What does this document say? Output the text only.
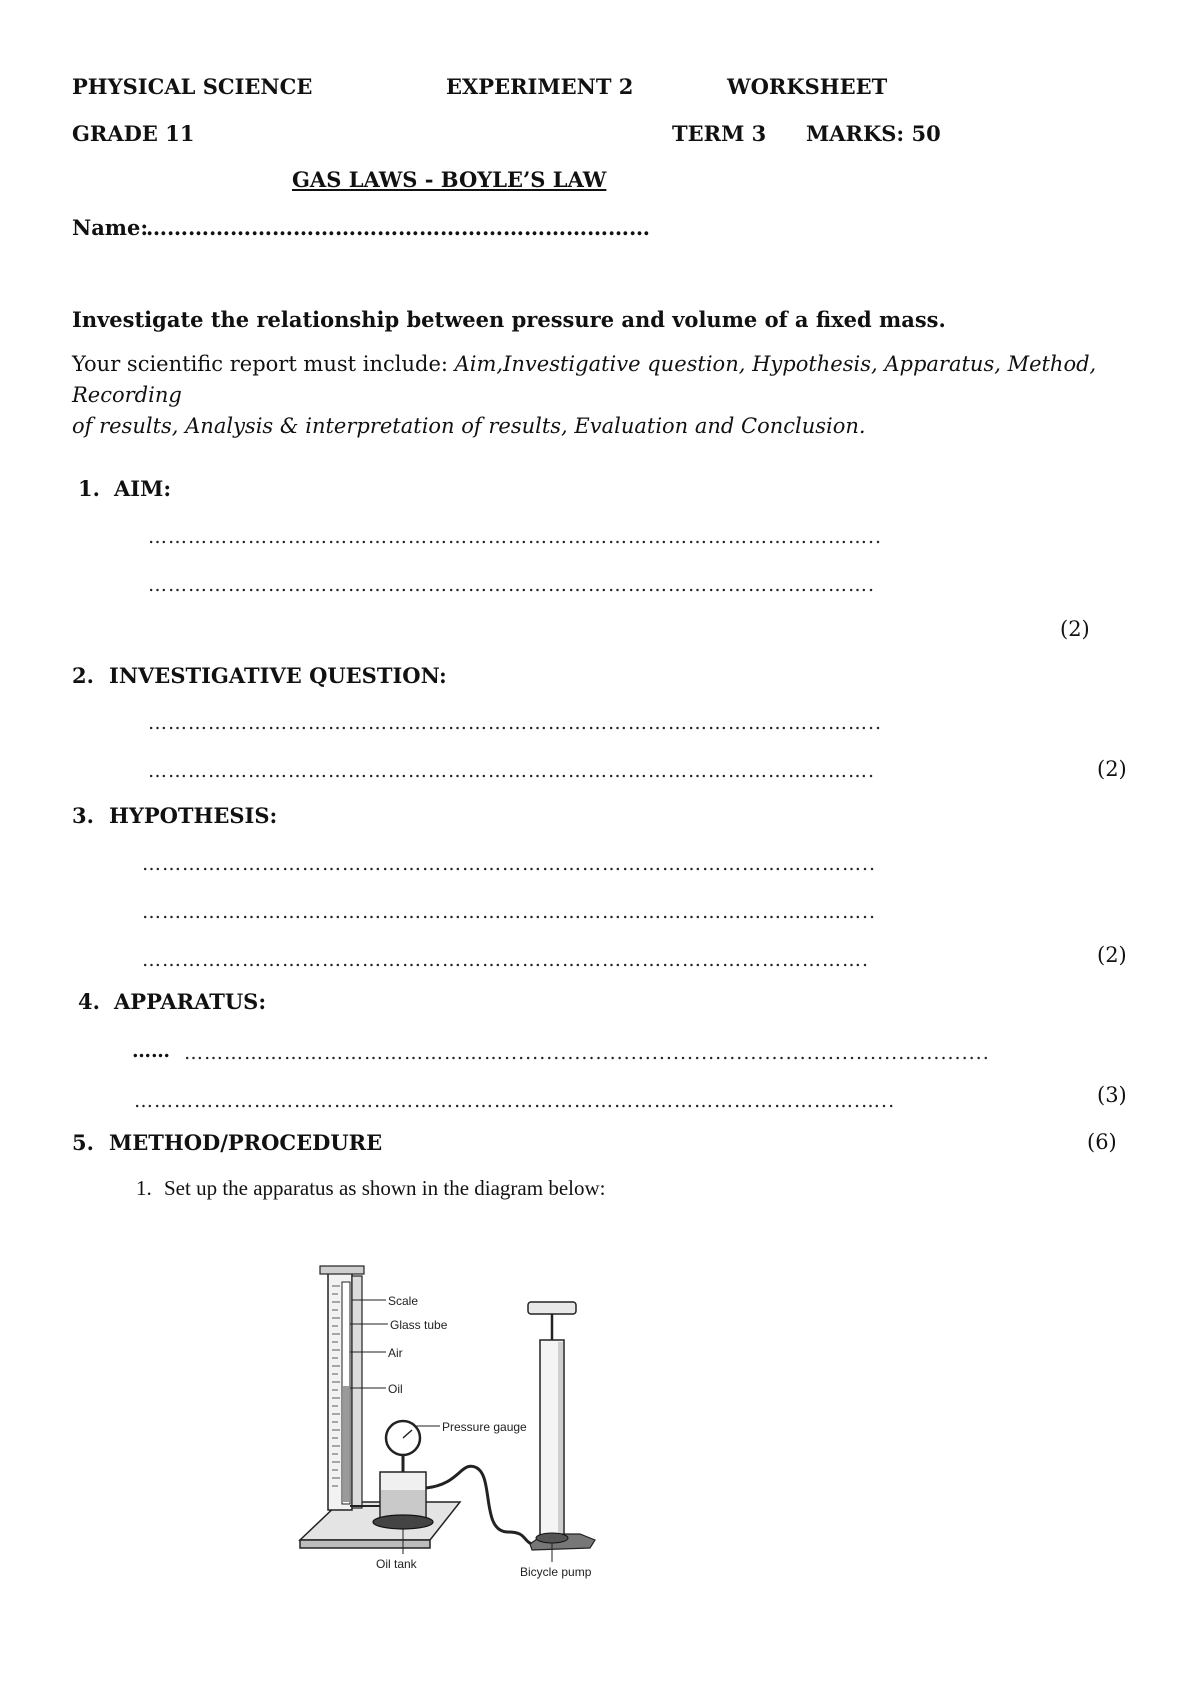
PHYSICAL SCIENCE	EXPERIMENT 2	WORKSHEET
GRADE 11	TERM 3 MARKS: 50
GAS LAWS - BOYLE’S LAW
Name:
………………………………………………………………
Investigate the relationship between pressure and volume of a fixed mass.
Your scientific report must include: Aim,Investigative question, Hypothesis, Apparatus, Method, Recording
of results, Analysis & interpretation of results, Evaluation and Conclusion.
1. AIM:
………………………………………………………………………………………………..
……………………………………………………………………………………………….
(2)
2. INVESTIGATIVE QUESTION:
………………………………………………………………………………………………..
……………………………………………………………………………………………….	(2)
3. HYPOTHESIS:
………………………………………………………………………………………………..
………………………………………………………………………………………………..
……………………………………………………………………………………………….	(2)
4. APPARATUS:
…… ………………………………………….....................................................................
……………………………………………………………………………………………….…..	(3)
5. METHOD/PROCEDURE	(6)
1. Set up the apparatus as shown in the diagram below:
Scale
Glass tube
Air
Oil
Pressure gauge
Oil tank
Bicycle pump
